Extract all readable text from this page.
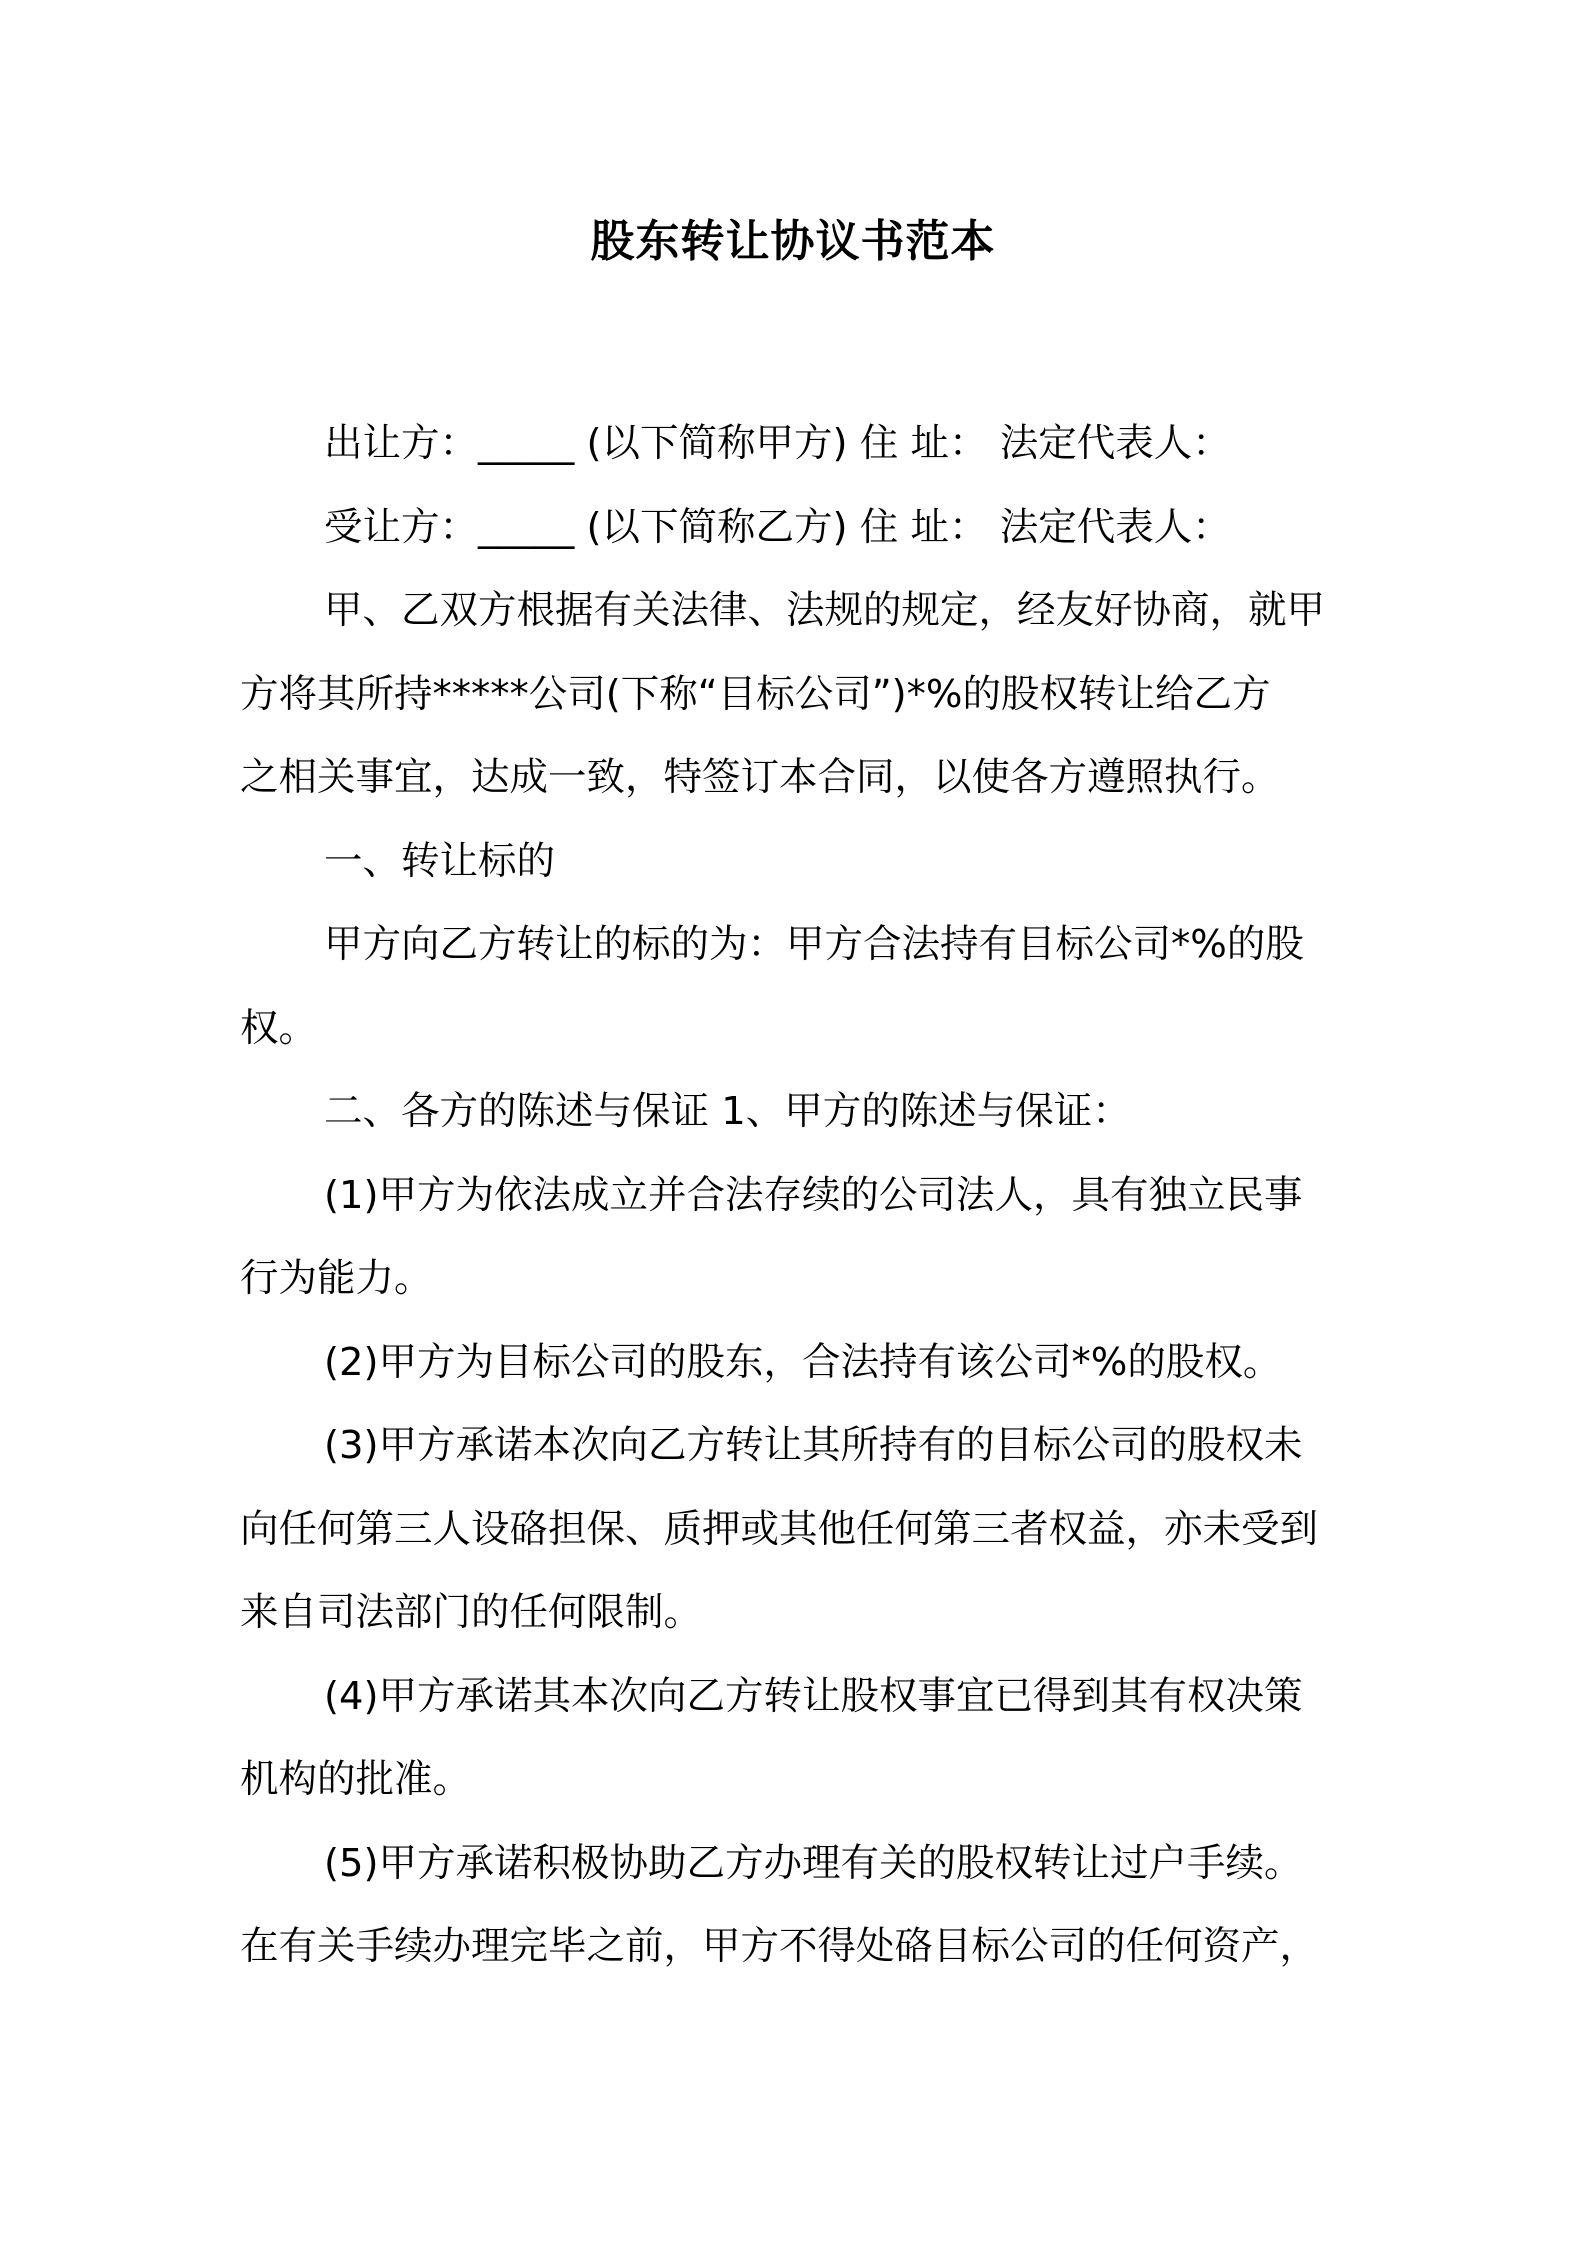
股东转让协议书范本

出让方：_____ (以下简称甲方) 住 址： 法定代表人：

受让方：_____ (以下简称乙方) 住 址： 法定代表人：

甲、乙双方根据有关法律、法规的规定，经友好协商，就甲

方将其所持*****公司(下称“目标公司”)*%的股权转让给乙方

之相关事宜，达成一致，特签订本合同，以使各方遵照执行。

一、转让标的

甲方向乙方转让的标的为：甲方合法持有目标公司*%的股

权。

二、各方的陈述与保证 1、甲方的陈述与保证：

(1)甲方为依法成立并合法存续的公司法人，具有独立民事

行为能力。

(2)甲方为目标公司的股东，合法持有该公司*%的股权。

(3)甲方承诺本次向乙方转让其所持有的目标公司的股权未

向任何第三人设硌担保、质押或其他任何第三者权益，亦未受到

来自司法部门的任何限制。

(4)甲方承诺其本次向乙方转让股权事宜已得到其有权决策

机构的批准。

(5)甲方承诺积极协助乙方办理有关的股权转让过户手续。

在有关手续办理完毕之前，甲方不得处硌目标公司的任何资产，
